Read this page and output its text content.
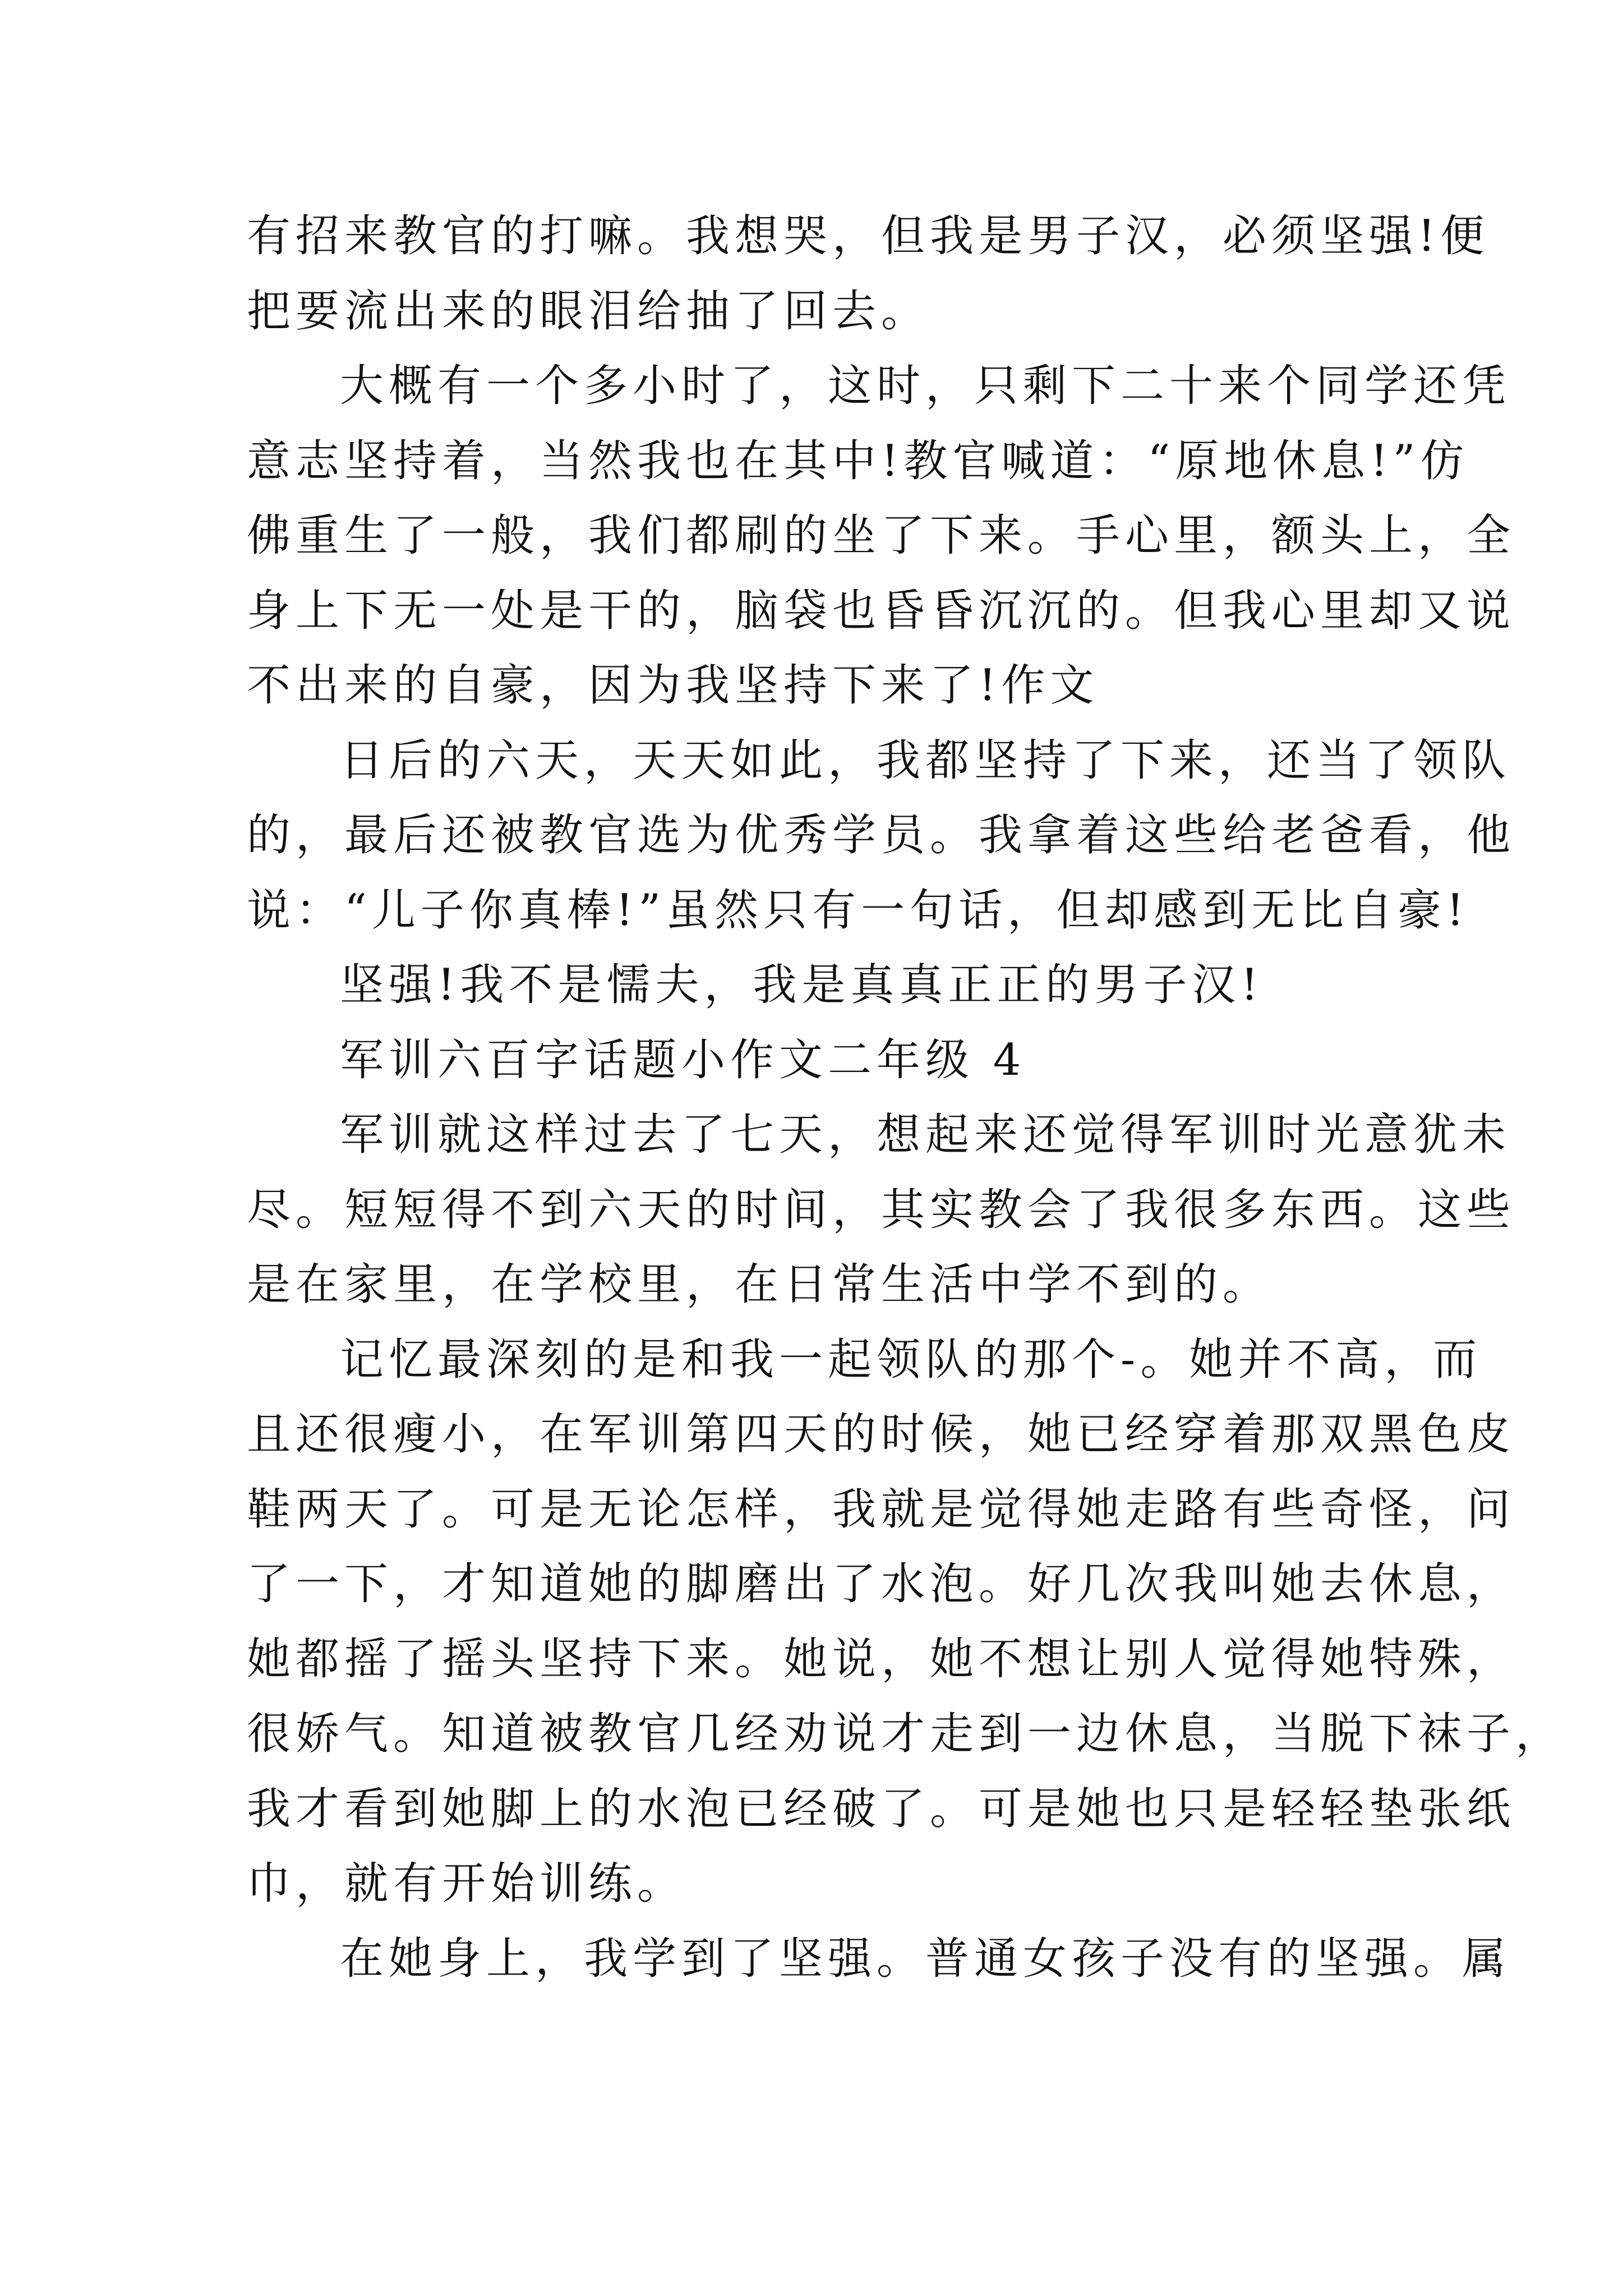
有招来教官的打嘛。我想哭，但我是男子汉，必须坚强!便
把要流出来的眼泪给抽了回去。
大概有一个多小时了，这时，只剩下二十来个同学还凭
意志坚持着，当然我也在其中!教官喊道：“原地休息!”仿
佛重生了一般，我们都刷的坐了下来。手心里，额头上，全
身上下无一处是干的，脑袋也昏昏沉沉的。但我心里却又说
不出来的自豪，因为我坚持下来了!作文
日后的六天，天天如此，我都坚持了下来，还当了领队
的，最后还被教官选为优秀学员。我拿着这些给老爸看，他
说：“儿子你真棒!”虽然只有一句话，但却感到无比自豪!
坚强!我不是懦夫，我是真真正正的男子汉!
军训六百字话题小作文二年级 4
军训就这样过去了七天，想起来还觉得军训时光意犹未
尽。短短得不到六天的时间，其实教会了我很多东西。这些
是在家里，在学校里，在日常生活中学不到的。
记忆最深刻的是和我一起领队的那个-。她并不高，而
且还很瘦小，在军训第四天的时候，她已经穿着那双黑色皮
鞋两天了。可是无论怎样，我就是觉得她走路有些奇怪，问
了一下，才知道她的脚磨出了水泡。好几次我叫她去休息，
她都摇了摇头坚持下来。她说，她不想让别人觉得她特殊，
很娇气。知道被教官几经劝说才走到一边休息，当脱下袜子，
我才看到她脚上的水泡已经破了。可是她也只是轻轻垫张纸
巾，就有开始训练。
在她身上，我学到了坚强。普通女孩子没有的坚强。属
